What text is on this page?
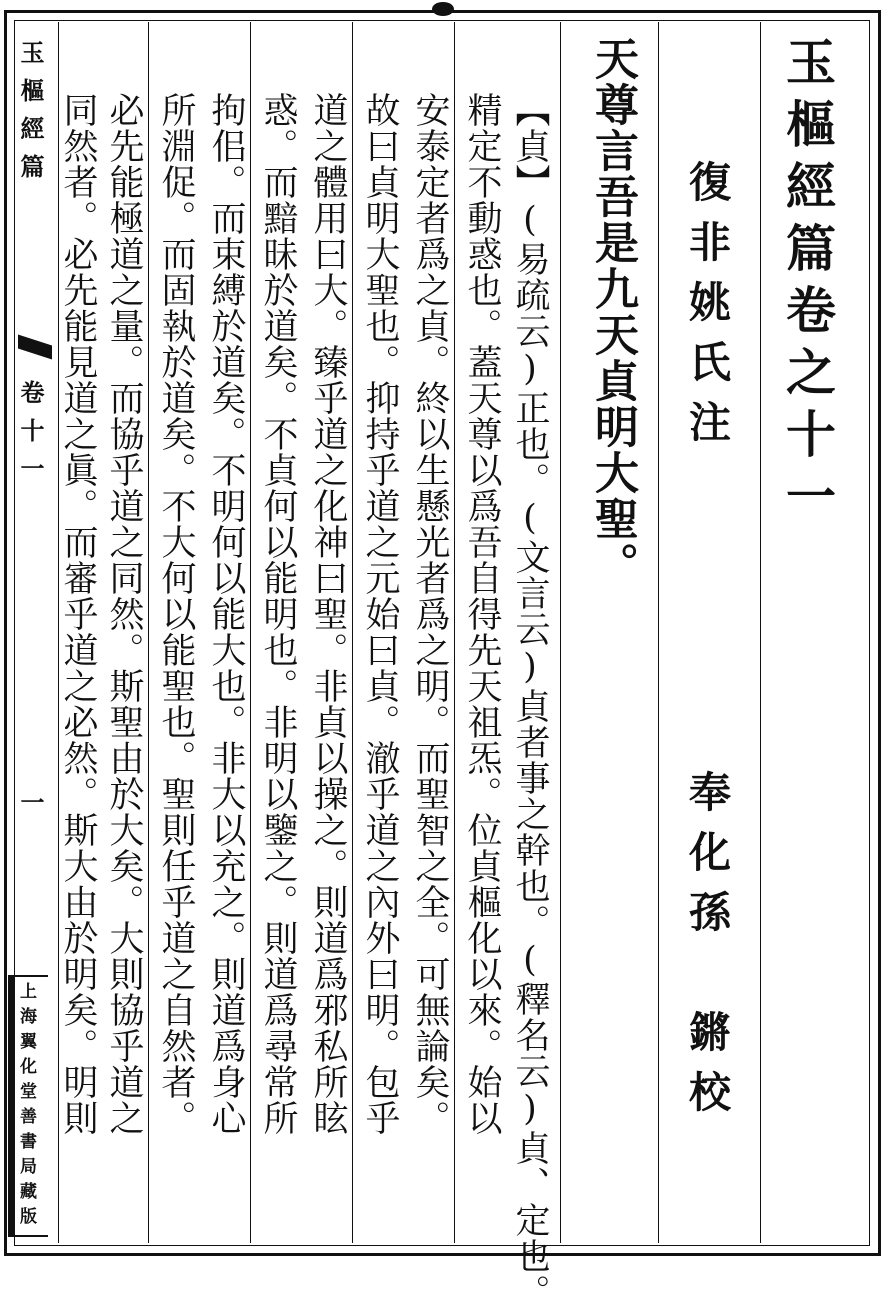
玉樞經篇卷之十一
復非姚氏注
奉化孫　鏘校
天尊言吾是九天貞明大聖。
【貞】(易疏云)正也。(文言云)貞者事之幹也。(釋名云)貞、定也。
精定不動惑也。蓋天尊以爲吾自得先天祖炁。位貞樞化以來。始以
安泰定者爲之貞。終以生懸光者爲之明。而聖智之全。可無論矣。
故曰貞明大聖也。抑持乎道之元始曰貞。澈乎道之內外曰明。包乎
道之體用曰大。臻乎道之化神曰聖。非貞以操之。則道爲邪私所眩
惑。而黯昧於道矣。不貞何以能明也。非明以鑒之。則道爲尋常所
拘佀。而束縛於道矣。不明何以能大也。非大以充之。則道爲身心
所淵促。而固執於道矣。不大何以能聖也。聖則任乎道之自然者。
必先能極道之量。而協乎道之同然。斯聖由於大矣。大則協乎道之
同然者。必先能見道之眞。而審乎道之必然。斯大由於明矣。明則
玉樞經篇
卷十一
一
上海翼化堂善書局藏版
